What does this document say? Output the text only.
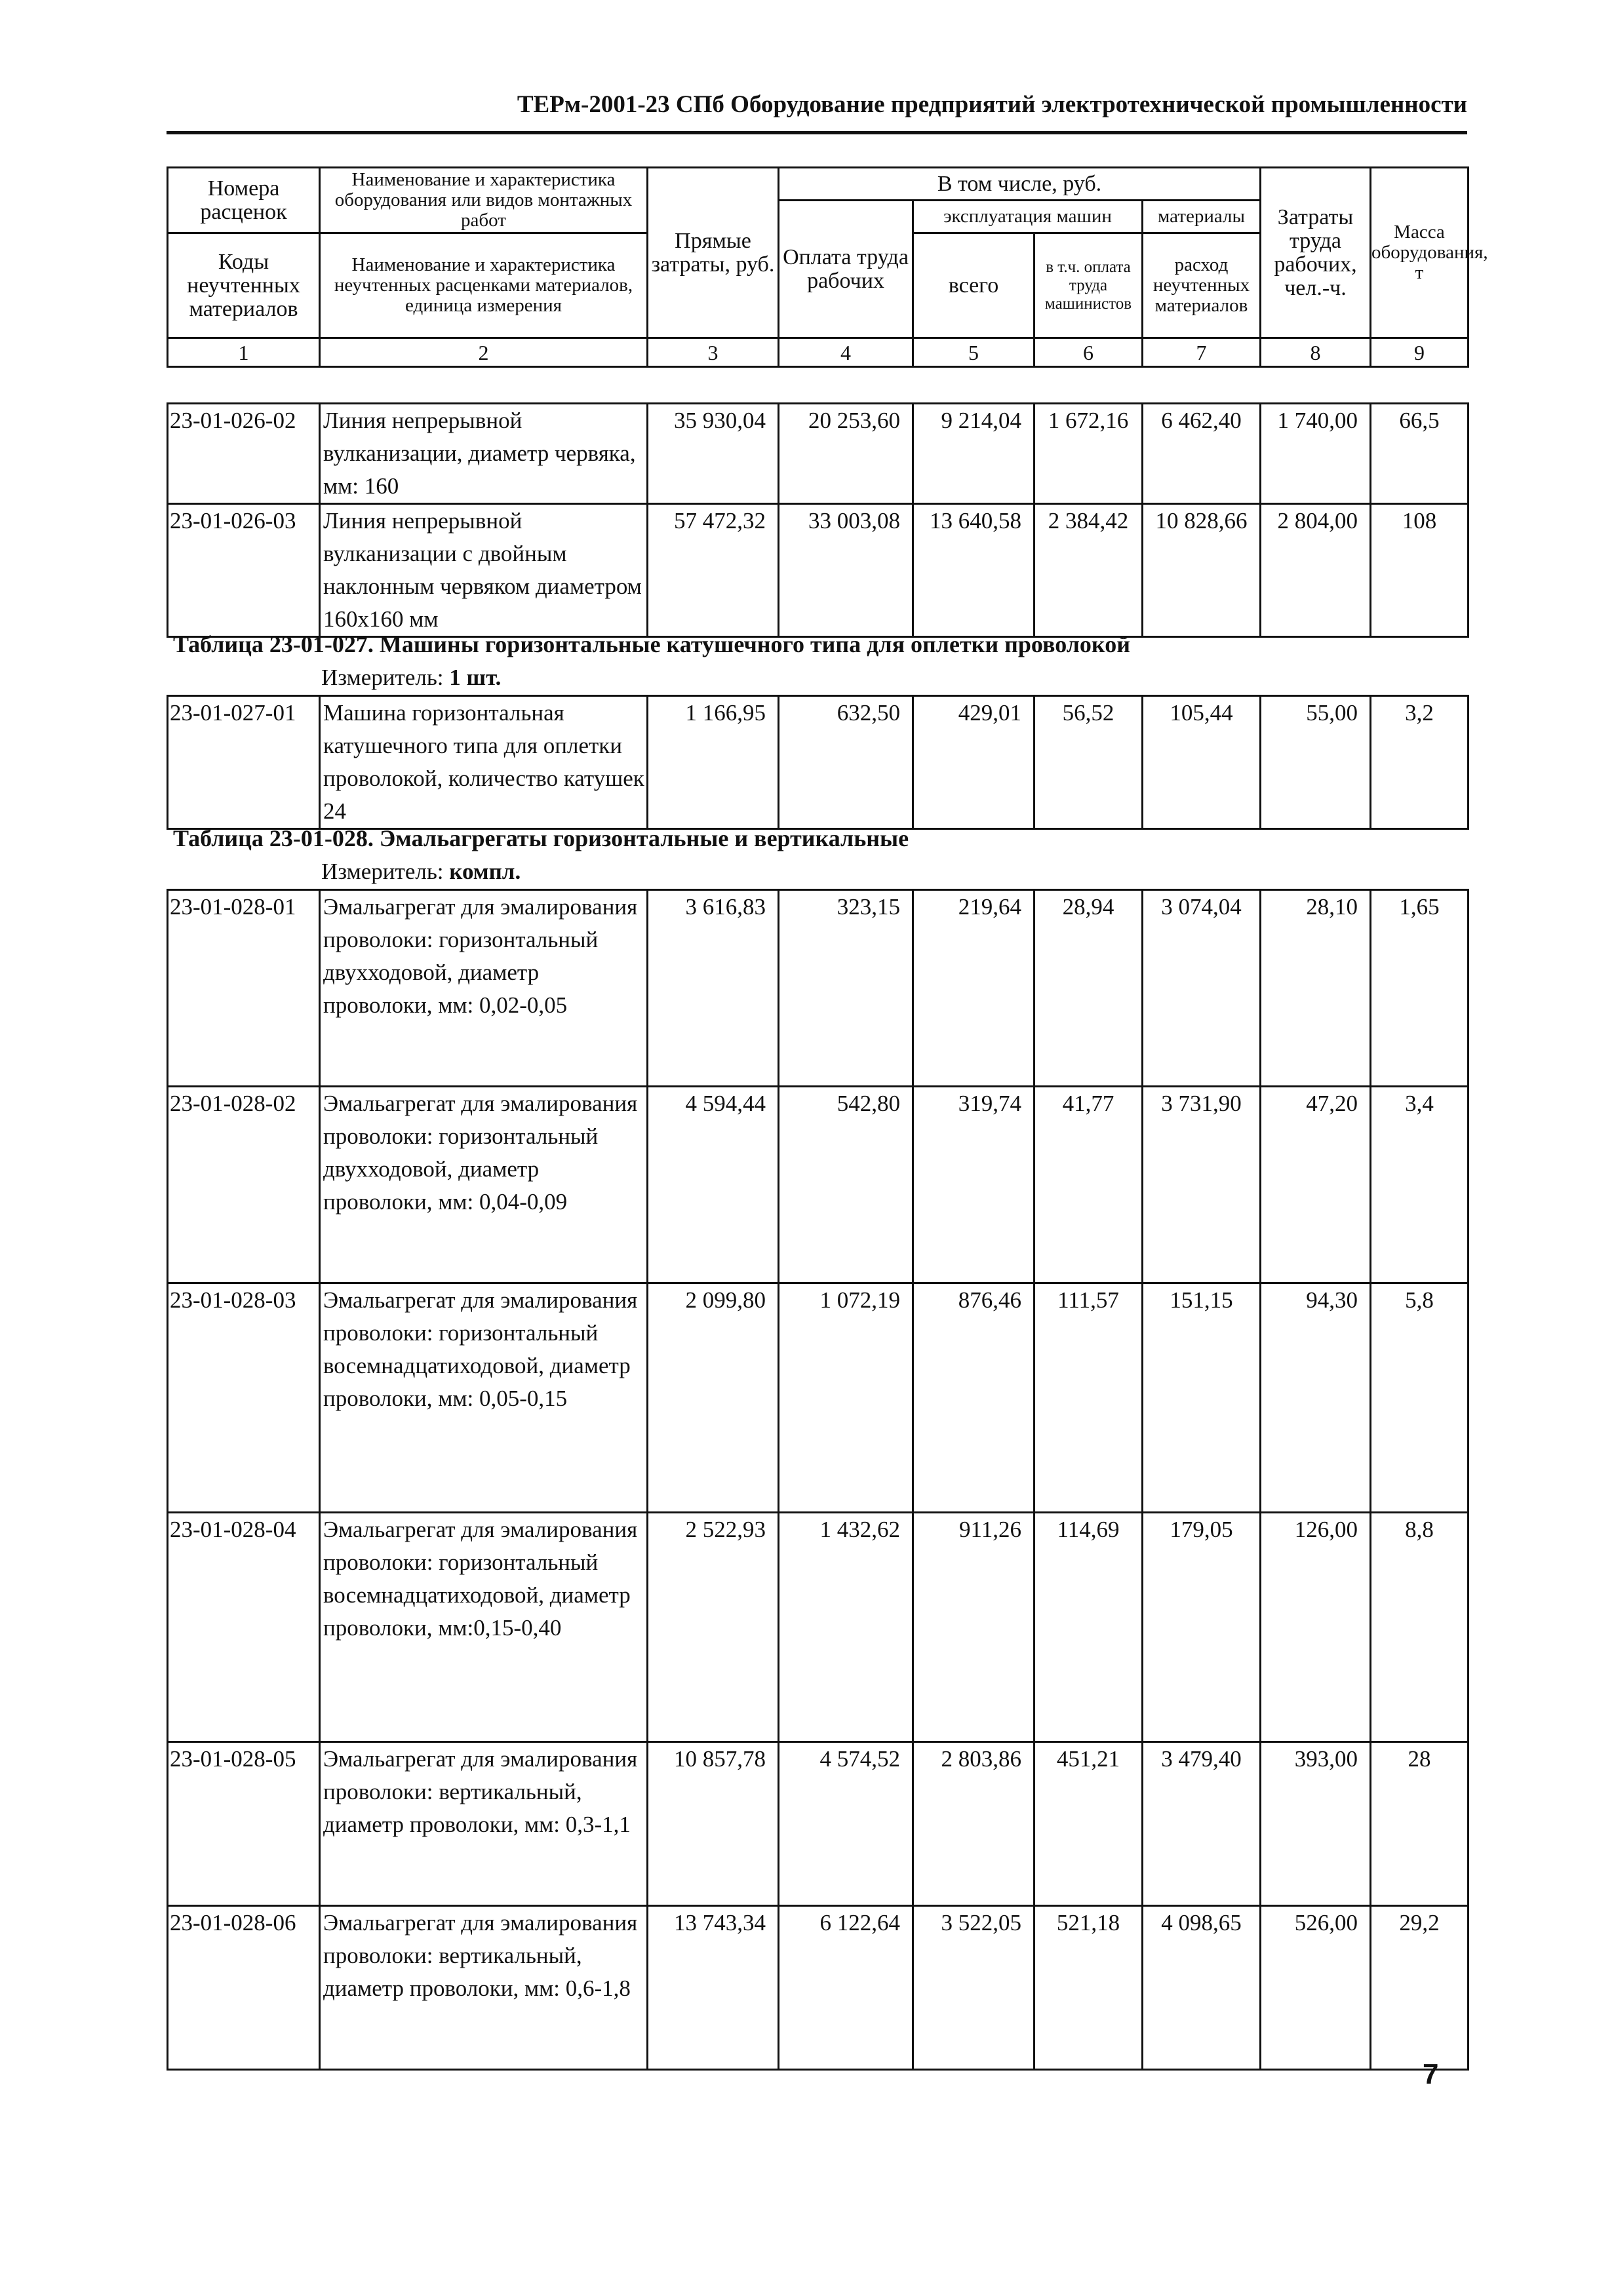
ТЕРм-2001-23 СПб Оборудование предприятий электротехнической промышленности
Номера расценок	Наименование и характеристика оборудования или видов монтажных работ	Прямые затраты, руб.	В том числе, руб.				Затраты труда рабочих, чел.-ч.	Масса оборудования, т
			Оплата труда рабочих	эксплуатация машин		материалы		
Коды неучтенных материалов	Наименование и характеристика неучтенных расценками материалов, единица измерения			всего	в т.ч. оплата труда машинистов	расход неучтенных материалов		

1	2	3	4	5	6	7	8	9
23-01-026-02	Линия непрерывной вулканизации, диаметр червяка, мм: 160	35 930,04	20 253,60	9 214,04	1 672,16	6 462,40	1 740,00	66,5
23-01-026-03	Линия непрерывной вулканизации с двойным наклонным червяком диаметром 160x160 мм	57 472,32	33 003,08	13 640,58	2 384,42	10 828,66	2 804,00	108
Таблица 23-01-027. Машины горизонтальные катушечного типа для оплетки проволокой
Измеритель: 1 шт.
23-01-027-01	Машина горизонтальная катушечного типа для оплетки проволокой, количество катушек 24	1 166,95	632,50	429,01	56,52	105,44	55,00	3,2
Таблица 23-01-028. Эмальагрегаты горизонтальные и вертикальные
Измеритель: компл.
23-01-028-01	Эмальагрегат для эмалирования проволоки: горизонтальный двухходовой, диаметр проволоки, мм: 0,02-0,05	3 616,83	323,15	219,64	28,94	3 074,04	28,10	1,65
23-01-028-02	Эмальагрегат для эмалирования проволоки: горизонтальный двухходовой, диаметр проволоки, мм: 0,04-0,09	4 594,44	542,80	319,74	41,77	3 731,90	47,20	3,4
23-01-028-03	Эмальагрегат для эмалирования проволоки: горизонтальный восемнадцатиходовой, диаметр проволоки, мм: 0,05-0,15	2 099,80	1 072,19	876,46	111,57	151,15	94,30	5,8
23-01-028-04	Эмальагрегат для эмалирования проволоки: горизонтальный восемнадцатиходовой, диаметр проволоки, мм:0,15-0,40	2 522,93	1 432,62	911,26	114,69	179,05	126,00	8,8
23-01-028-05	Эмальагрегат для эмалирования проволоки: вертикальный, диаметр проволоки, мм: 0,3-1,1	10 857,78	4 574,52	2 803,86	451,21	3 479,40	393,00	28
23-01-028-06	Эмальагрегат для эмалирования проволоки: вертикальный, диаметр проволоки, мм: 0,6-1,8	13 743,34	6 122,64	3 522,05	521,18	4 098,65	526,00	29,2
7
